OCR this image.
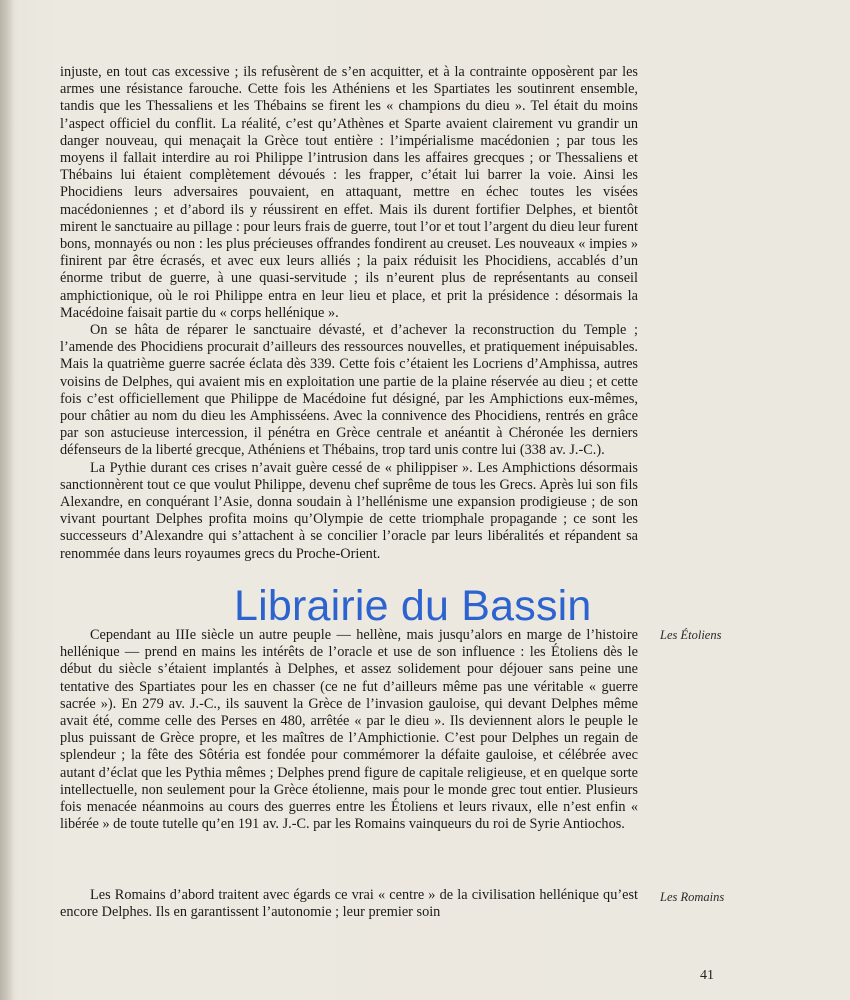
injuste, en tout cas excessive ; ils refusèrent de s’en acquitter, et à la contrainte opposèrent par les armes une résistance farouche. Cette fois les Athéniens et les Spartiates les soutinrent ensemble, tandis que les Thessaliens et les Thébains se firent les « champions du dieu ». Tel était du moins l’aspect officiel du conflit. La réalité, c’est qu’Athènes et Sparte avaient clairement vu grandir un danger nouveau, qui menaçait la Grèce tout entière : l’impérialisme macédonien ; par tous les moyens il fallait interdire au roi Philippe l’intrusion dans les affaires grecques ; or Thessaliens et Thébains lui étaient complètement dévoués : les frapper, c’était lui barrer la voie. Ainsi les Phocidiens leurs adversaires pouvaient, en attaquant, mettre en échec toutes les visées macédoniennes ; et d’abord ils y réussirent en effet. Mais ils durent fortifier Delphes, et bientôt mirent le sanctuaire au pillage : pour leurs frais de guerre, tout l’or et tout l’argent du dieu leur furent bons, monnayés ou non : les plus précieuses offrandes fondirent au creuset. Les nouveaux « impies » finirent par être écrasés, et avec eux leurs alliés ; la paix réduisit les Phocidiens, accablés d’un énorme tribut de guerre, à une quasi-servitude ; ils n’eurent plus de représentants au conseil amphictionique, où le roi Philippe entra en leur lieu et place, et prit la présidence : désormais la Macédoine faisait partie du « corps hellénique ».

On se hâta de réparer le sanctuaire dévasté, et d’achever la reconstruction du Temple ; l’amende des Phocidiens procurait d’ailleurs des ressources nouvelles, et pratiquement inépuisables. Mais la quatrième guerre sacrée éclata dès 339. Cette fois c’étaient les Locriens d’Amphissa, autres voisins de Delphes, qui avaient mis en exploitation une partie de la plaine réservée au dieu ; et cette fois c’est officiellement que Philippe de Macédoine fut désigné, par les Amphictions eux-mêmes, pour châtier au nom du dieu les Amphisséens. Avec la connivence des Phocidiens, rentrés en grâce par son astucieuse intercession, il pénétra en Grèce centrale et anéantit à Chéronée les derniers défenseurs de la liberté grecque, Athéniens et Thébains, trop tard unis contre lui (338 av. J.-C.).

La Pythie durant ces crises n’avait guère cessé de « philippiser ». Les Amphictions désormais sanctionnèrent tout ce que voulut Philippe, devenu chef suprême de tous les Grecs. Après lui son fils Alexandre, en conquérant l’Asie, donna soudain à l’hellénisme une expansion prodigieuse ; de son vivant pourtant Delphes profita moins qu’Olympie de cette triomphale propagande ; ce sont les successeurs d’Alexandre qui s’attachent à se concilier l’oracle par leurs libéralités et répandent sa renommée dans leurs royaumes grecs du Proche-Orient.

Cependant au IIIe siècle un autre peuple — hellène, mais jusqu’alors en marge de l’histoire hellénique — prend en mains les intérêts de l’oracle et use de son influence : les Étoliens dès le début du siècle s’étaient implantés à Delphes, et assez solidement pour déjouer sans peine une tentative des Spartiates pour les en chasser (ce ne fut d’ailleurs même pas une véritable « guerre sacrée »). En 279 av. J.-C., ils sauvent la Grèce de l’invasion gauloise, qui devant Delphes même avait été, comme celle des Perses en 480, arrêtée « par le dieu ». Ils deviennent alors le peuple le plus puissant de Grèce propre, et les maîtres de l’Amphictionie. C’est pour Delphes un regain de splendeur ; la fête des Sôtéria est fondée pour commémorer la défaite gauloise, et célébrée avec autant d’éclat que les Pythia mêmes ; Delphes prend figure de capitale religieuse, et en quelque sorte intellectuelle, non seulement pour la Grèce étolienne, mais pour le monde grec tout entier. Plusieurs fois menacée néanmoins au cours des guerres entre les Étoliens et leurs rivaux, elle n’est enfin « libérée » de toute tutelle qu’en 191 av. J.-C. par les Romains vainqueurs du roi de Syrie Antiochos.

Les Étoliens

Les Romains d’abord traitent avec égards ce vrai « centre » de la civilisation hellénique qu’est encore Delphes. Ils en garantissent l’autonomie ; leur premier soin

Les Romains
41
Librairie du Bassin
